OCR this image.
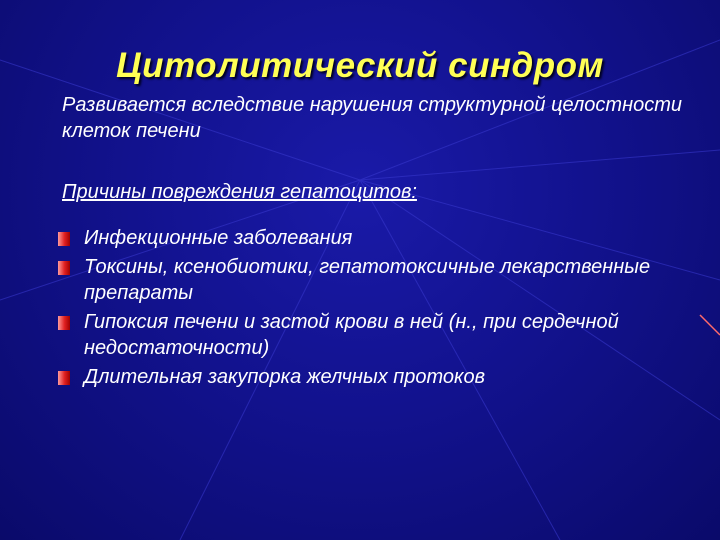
Цитолитический синдром
Развивается вследствие нарушения структурной целостности клеток печени
Причины повреждения гепатоцитов:
Инфекционные заболевания
Токсины, ксенобиотики, гепатотоксичные лекарственные препараты
Гипоксия печени и застой крови в ней (н., при сердечной недостаточности)
Длительная закупорка желчных протоков
